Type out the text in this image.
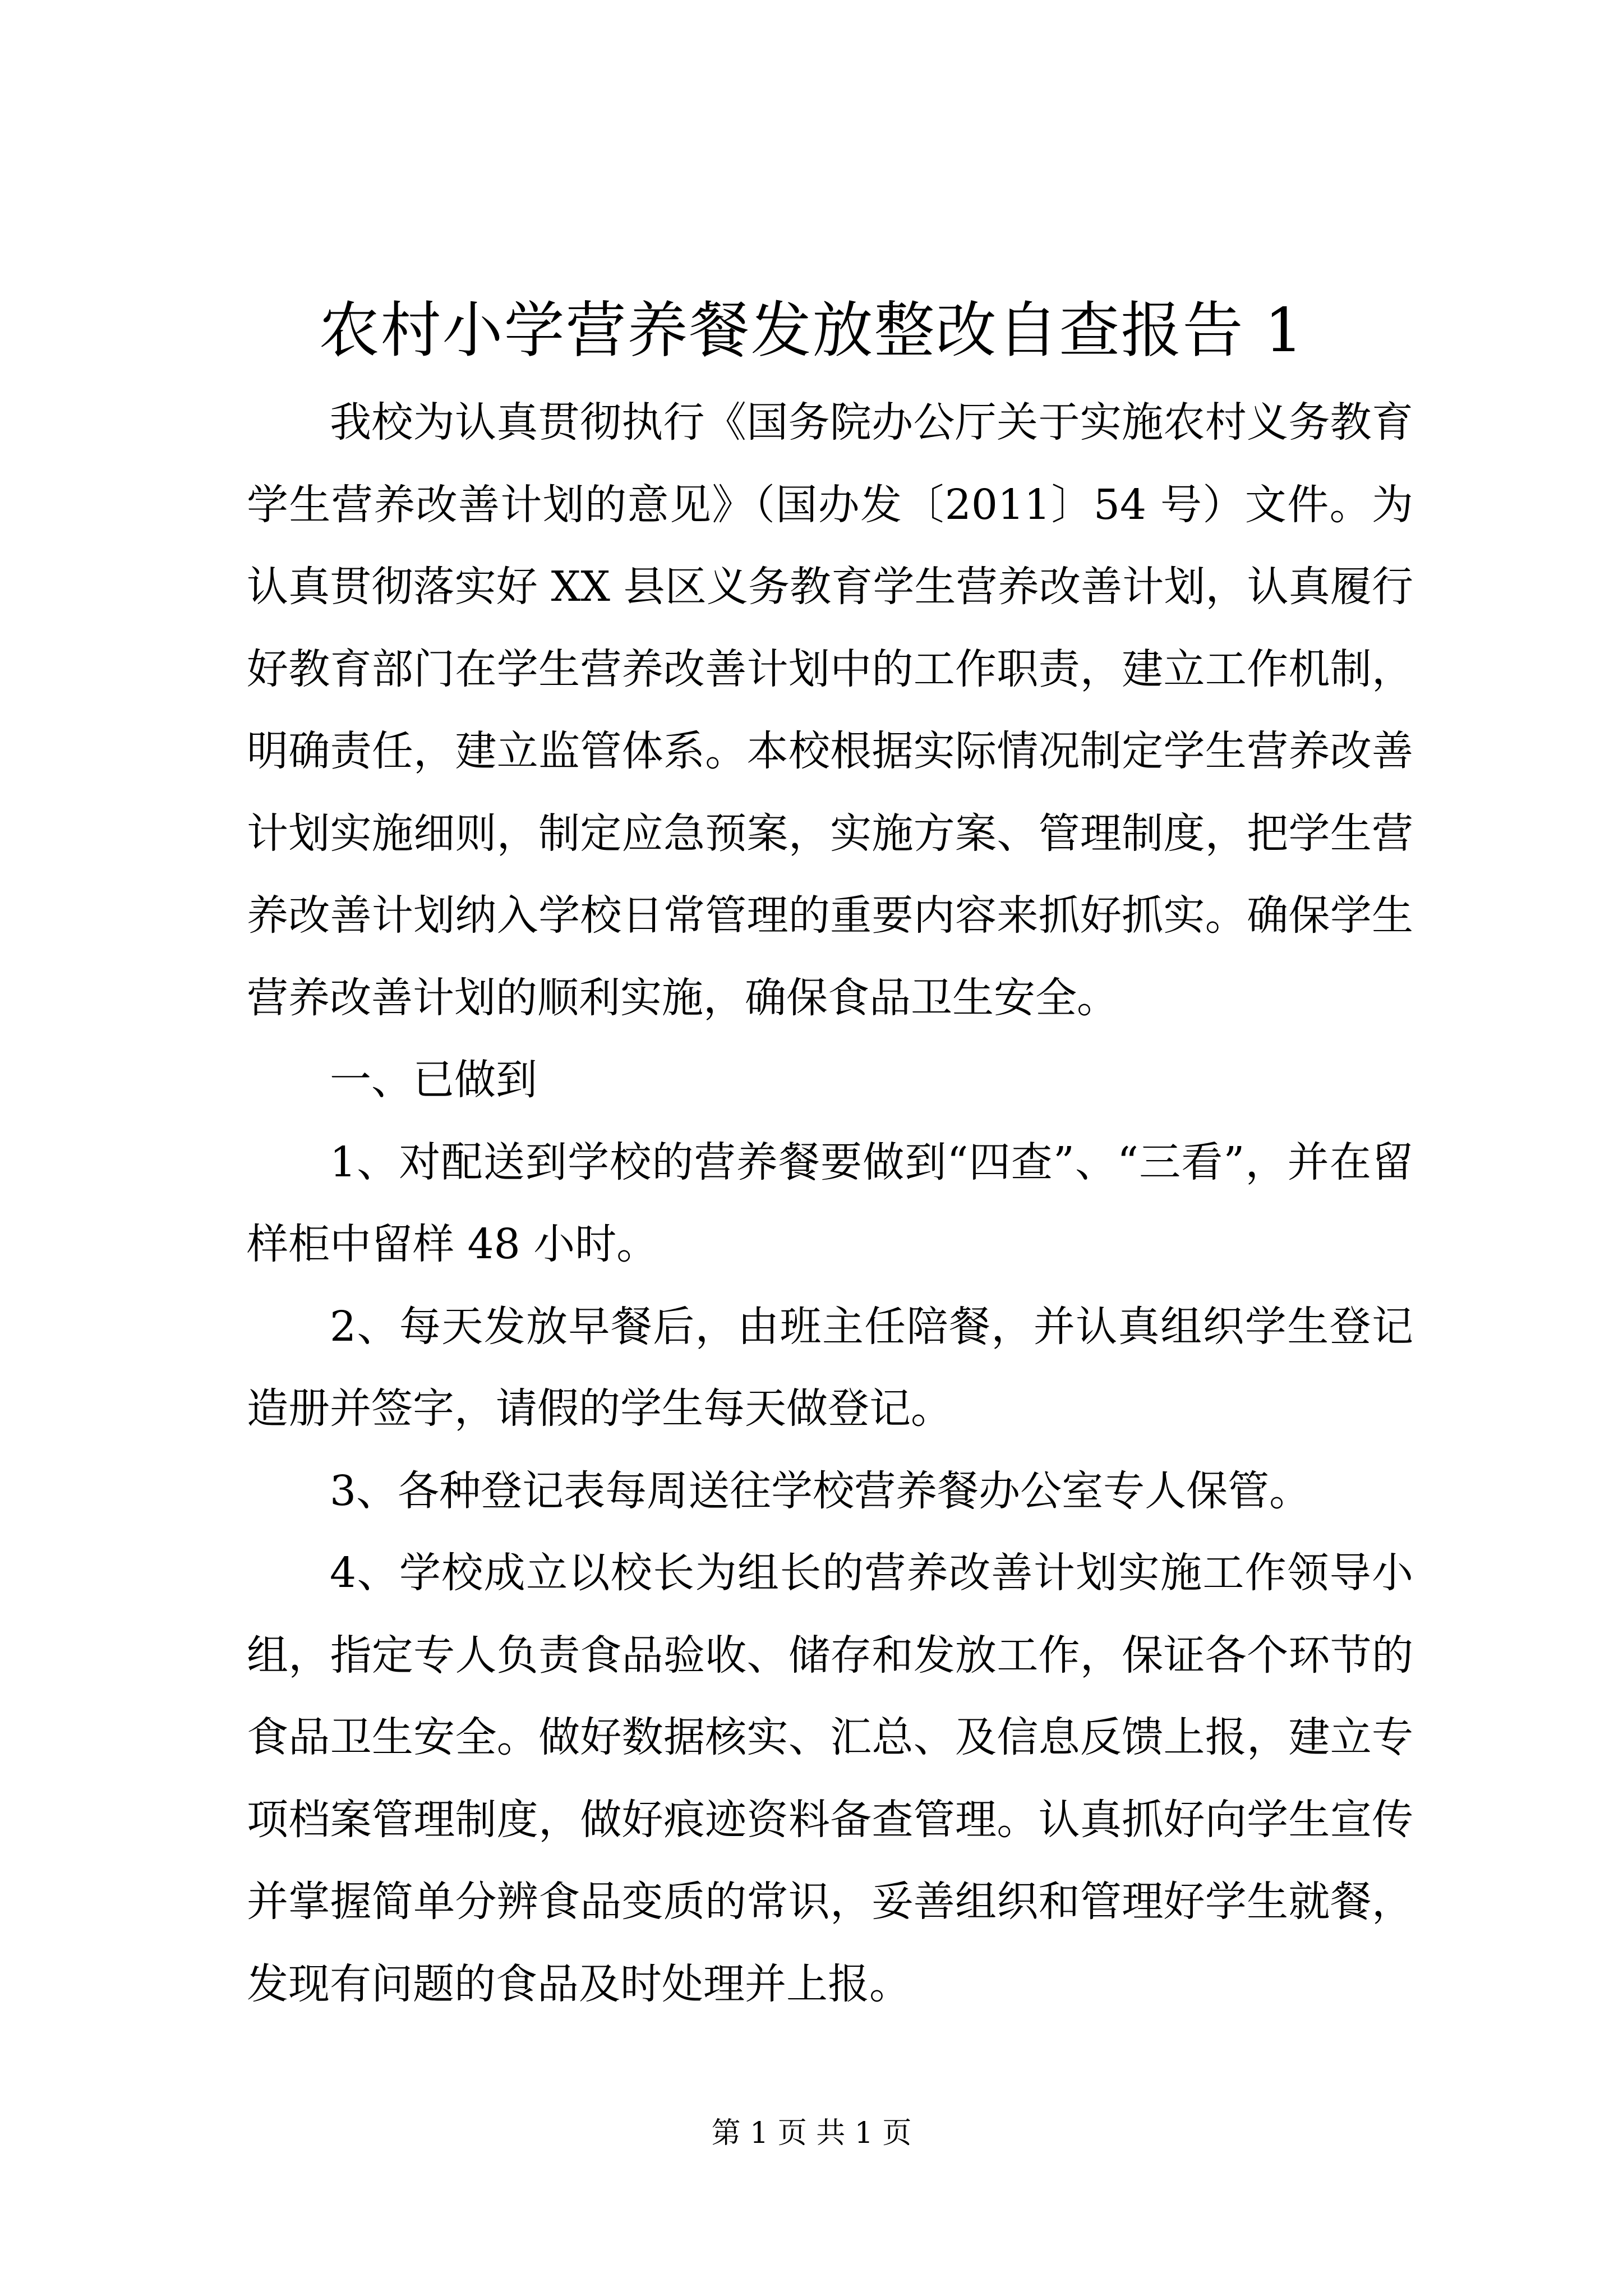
农村小学营养餐发放整改自查报告 1

我校为认真贯彻执行《国务院办公厅关于实施农村义务教育学生营养改善计划的意见》（国办发〔2011〕54 号）文件。为认真贯彻落实好 XX 县区义务教育学生营养改善计划，认真履行好教育部门在学生营养改善计划中的工作职责，建立工作机制，明确责任，建立监管体系。本校根据实际情况制定学生营养改善计划实施细则，制定应急预案，实施方案、管理制度，把学生营养改善计划纳入学校日常管理的重要内容来抓好抓实。确保学生营养改善计划的顺利实施，确保食品卫生安全。

一、已做到

1、对配送到学校的营养餐要做到“四查”、“三看”，并在留样柜中留样 48 小时。

2、每天发放早餐后，由班主任陪餐，并认真组织学生登记造册并签字，请假的学生每天做登记。

3、各种登记表每周送往学校营养餐办公室专人保管。

4、学校成立以校长为组长的营养改善计划实施工作领导小组，指定专人负责食品验收、储存和发放工作，保证各个环节的食品卫生安全。做好数据核实、汇总、及信息反馈上报，建立专项档案管理制度，做好痕迹资料备查管理。认真抓好向学生宣传并掌握简单分辨食品变质的常识，妥善组织和管理好学生就餐，发现有问题的食品及时处理并上报。

第 1 页 共 1 页
